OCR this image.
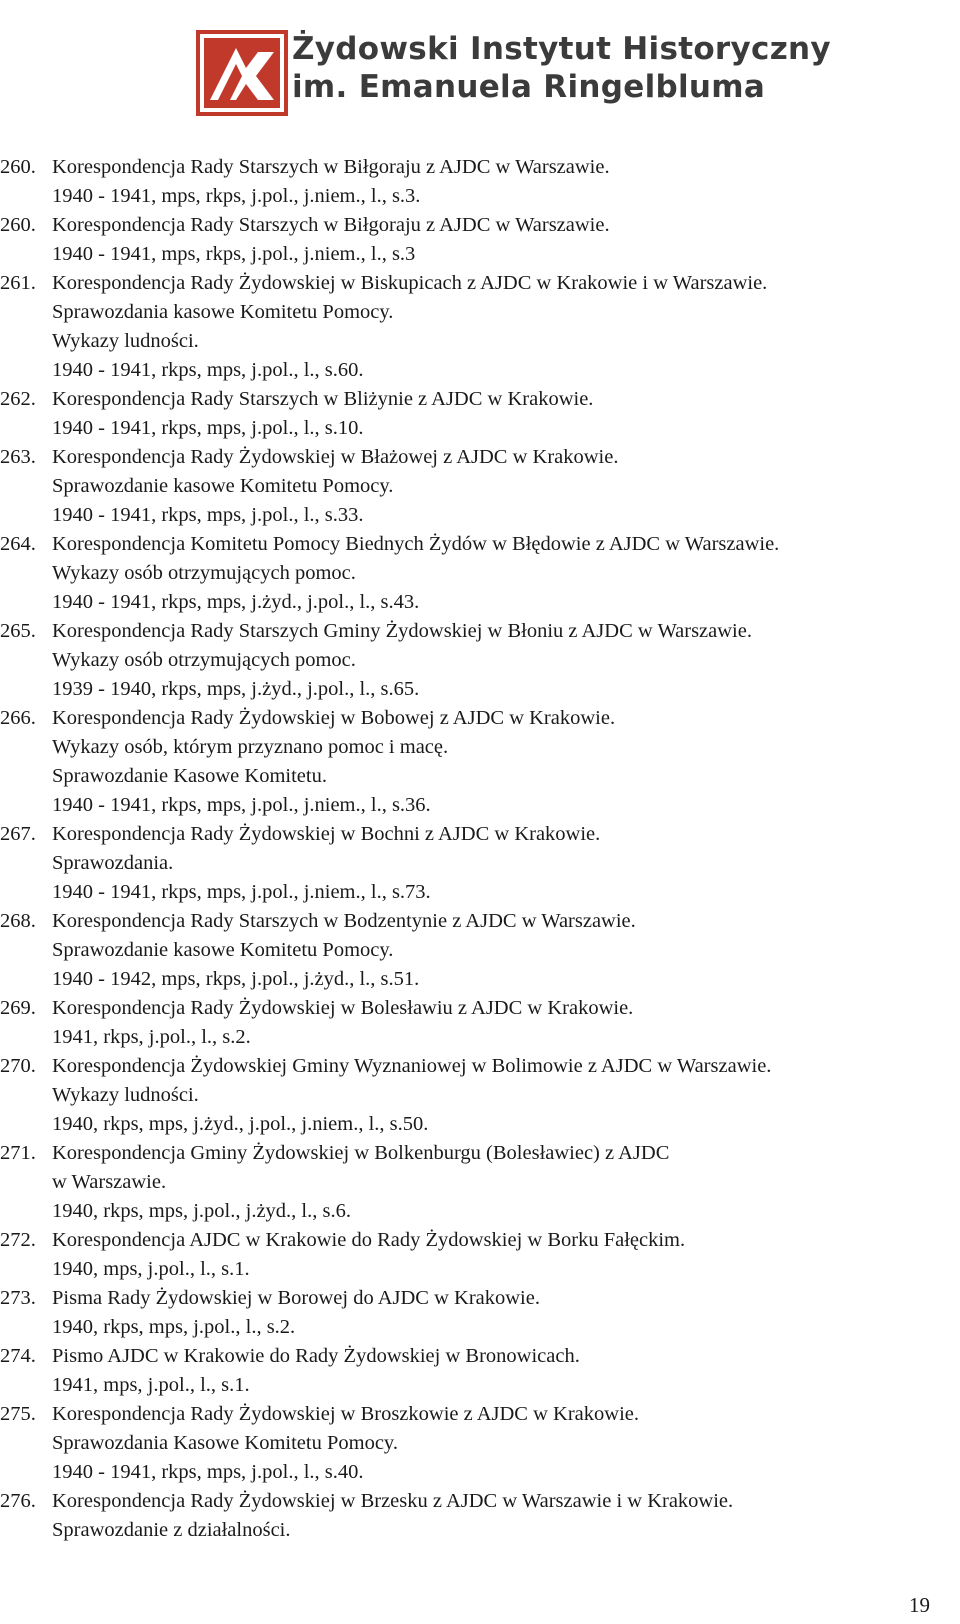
Żydowski Instytut Historyczny
im. Emanuela Ringelbluma
260. Korespondencja Rady Starszych w Biłgoraju z AJDC w Warszawie.
1940 - 1941, mps, rkps, j.pol., j.niem., l., s.3.
260. Korespondencja Rady Starszych w Biłgoraju z AJDC w Warszawie.
1940 - 1941, mps, rkps, j.pol., j.niem., l., s.3
261. Korespondencja Rady Żydowskiej w Biskupicach z AJDC w Krakowie i w Warszawie.
Sprawozdania kasowe Komitetu Pomocy.
Wykazy ludności.
1940 - 1941, rkps, mps, j.pol., l., s.60.
262. Korespondencja Rady Starszych w Bliżynie z AJDC w Krakowie.
1940 - 1941, rkps, mps, j.pol., l., s.10.
263. Korespondencja Rady Żydowskiej w Błażowej z AJDC w Krakowie.
Sprawozdanie kasowe Komitetu Pomocy.
1940 - 1941, rkps, mps, j.pol., l., s.33.
264. Korespondencja Komitetu Pomocy Biednych Żydów w Błędowie z AJDC w Warszawie.
Wykazy osób otrzymujących pomoc.
1940 - 1941, rkps, mps, j.żyd., j.pol., l., s.43.
265. Korespondencja Rady Starszych Gminy Żydowskiej w Błoniu z AJDC w Warszawie.
Wykazy osób otrzymujących pomoc.
1939 - 1940, rkps, mps, j.żyd., j.pol., l., s.65.
266. Korespondencja Rady Żydowskiej w Bobowej z AJDC w Krakowie.
Wykazy osób, którym przyznano pomoc i macę.
Sprawozdanie Kasowe Komitetu.
1940 - 1941, rkps, mps, j.pol., j.niem., l., s.36.
267. Korespondencja Rady Żydowskiej w Bochni z AJDC w Krakowie.
Sprawozdania.
1940 - 1941, rkps, mps, j.pol., j.niem., l., s.73.
268. Korespondencja Rady Starszych w Bodzentynie z AJDC w Warszawie.
Sprawozdanie kasowe Komitetu Pomocy.
1940 - 1942, mps, rkps, j.pol., j.żyd., l., s.51.
269. Korespondencja Rady Żydowskiej w Bolesławiu z AJDC w Krakowie.
1941, rkps, j.pol., l., s.2.
270. Korespondencja Żydowskiej Gminy Wyznaniowej w Bolimowie z AJDC w Warszawie.
Wykazy ludności.
1940, rkps, mps, j.żyd., j.pol., j.niem., l., s.50.
271. Korespondencja Gminy Żydowskiej w Bolkenburgu (Bolesławiec) z AJDC
w Warszawie.
1940, rkps, mps, j.pol., j.żyd., l., s.6.
272. Korespondencja AJDC w Krakowie do Rady Żydowskiej w Borku Fałęckim.
1940, mps, j.pol., l., s.1.
273. Pisma Rady Żydowskiej w Borowej do AJDC w Krakowie.
1940, rkps, mps, j.pol., l., s.2.
274. Pismo AJDC w Krakowie do Rady Żydowskiej w Bronowicach.
1941, mps, j.pol., l., s.1.
275. Korespondencja Rady Żydowskiej w Broszkowie z AJDC w Krakowie.
Sprawozdania Kasowe Komitetu Pomocy.
1940 - 1941, rkps, mps, j.pol., l., s.40.
276. Korespondencja Rady Żydowskiej w Brzesku z AJDC w Warszawie i w Krakowie.
Sprawozdanie z działalności.
19
